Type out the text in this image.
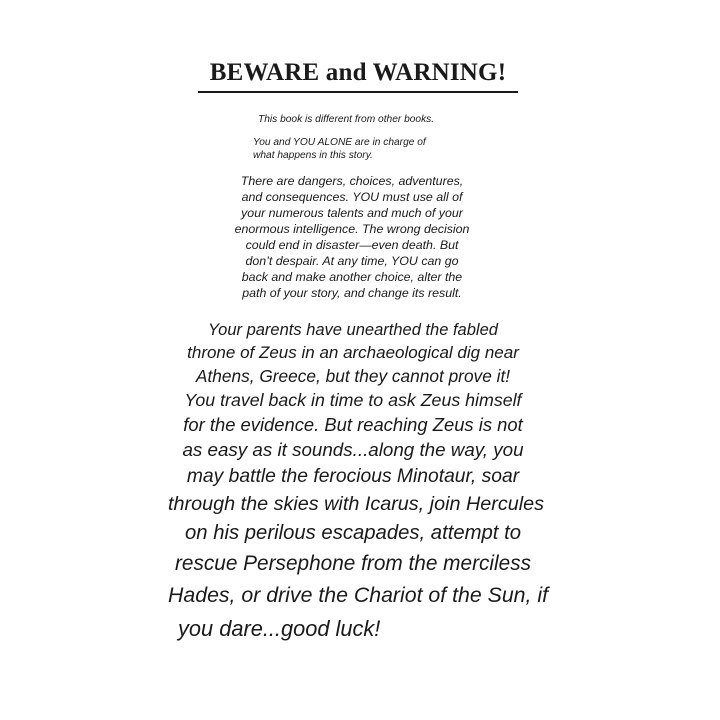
BEWARE and WARNING!

This book is different from other books.

You and YOU ALONE are in charge of
what happens in this story.

There are dangers, choices, adventures,
and consequences. YOU must use all of
your numerous talents and much of your
enormous intelligence. The wrong decision
could end in disaster—even death. But
don’t despair. At any time, YOU can go
back and make another choice, alter the
path of your story, and change its result.

Your parents have unearthed the fabled
throne of Zeus in an archaeological dig near
Athens, Greece, but they cannot prove it!
You travel back in time to ask Zeus himself
for the evidence. But reaching Zeus is not
as easy as it sounds...along the way, you
may battle the ferocious Minotaur, soar
through the skies with Icarus, join Hercules
on his perilous escapades, attempt to
rescue Persephone from the merciless
Hades, or drive the Chariot of the Sun, if
you dare...good luck!
